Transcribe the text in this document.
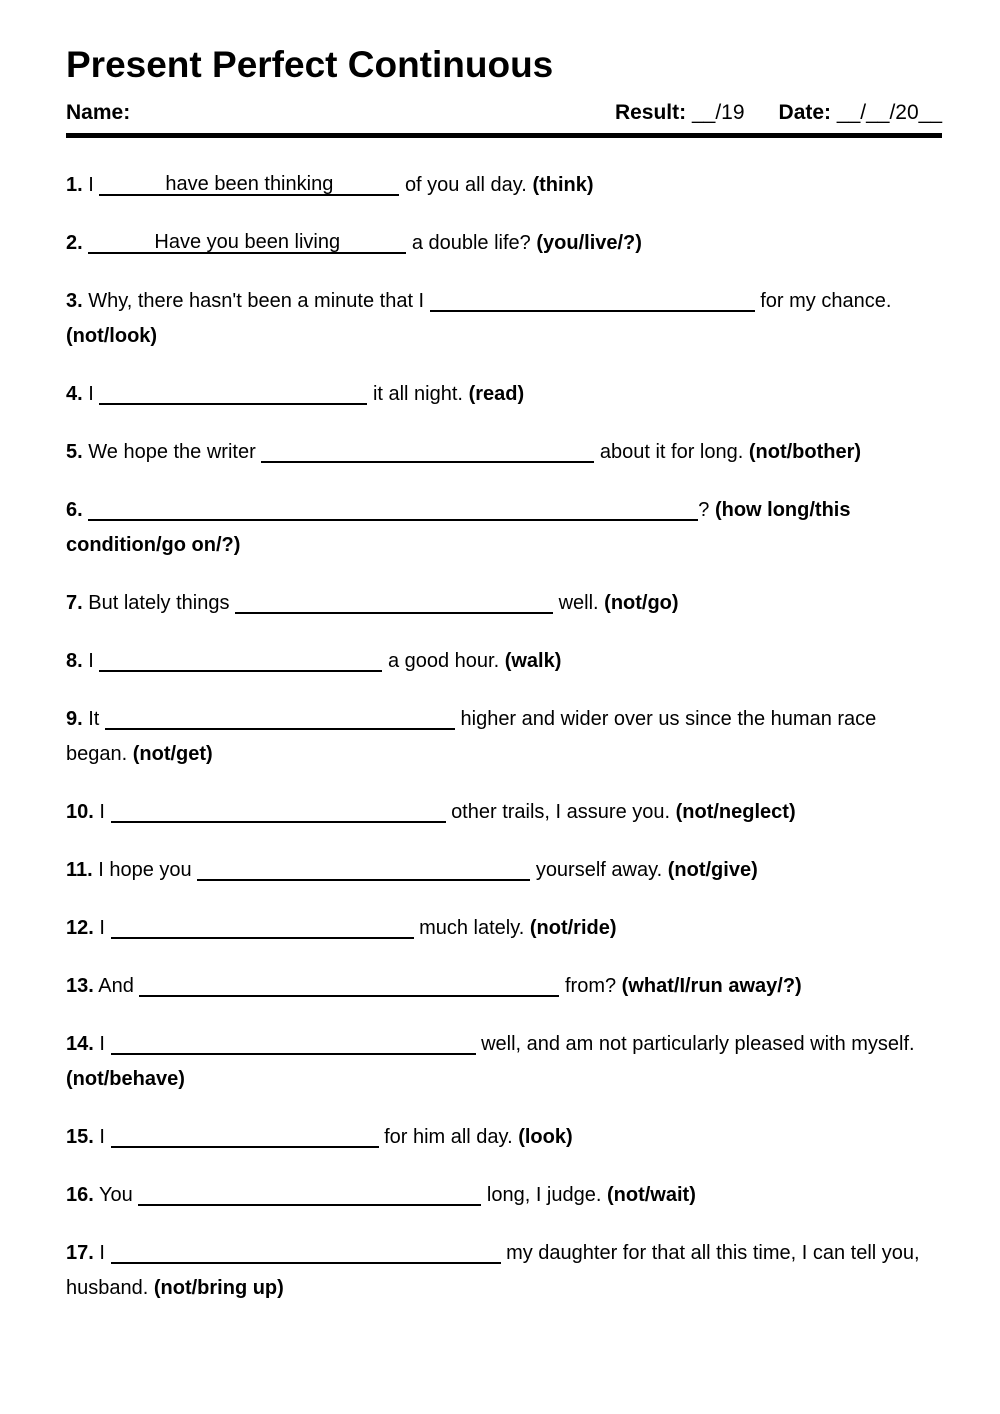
Present Perfect Continuous
Name:	Result: __/19 Date: __/__/20__

1. I	have been thinking	of you all day. (think)

2.	Have you been living	a double life? (you/live/?)

3. Why, there hasn't been a minute that I	for my chance. (not/look)

4. I	it all night. (read)

5. We hope the writer	about it for long. (not/bother)

6.	? (how long/this condition/go on/?)

7. But lately things	well. (not/go)

8. I	a good hour. (walk)

9. It	higher and wider over us since the human race began. (not/get)

10. I	other trails, I assure you. (not/neglect)

11. I hope you	yourself away. (not/give)

12. I	much lately. (not/ride)

13. And	from? (what/I/run away/?)

14. I	well, and am not particularly pleased with myself. (not/behave)

15. I	for him all day. (look)

16. You	long, I judge. (not/wait)

17. I	my daughter for that all this time, I can tell you, husband. (not/bring up)
